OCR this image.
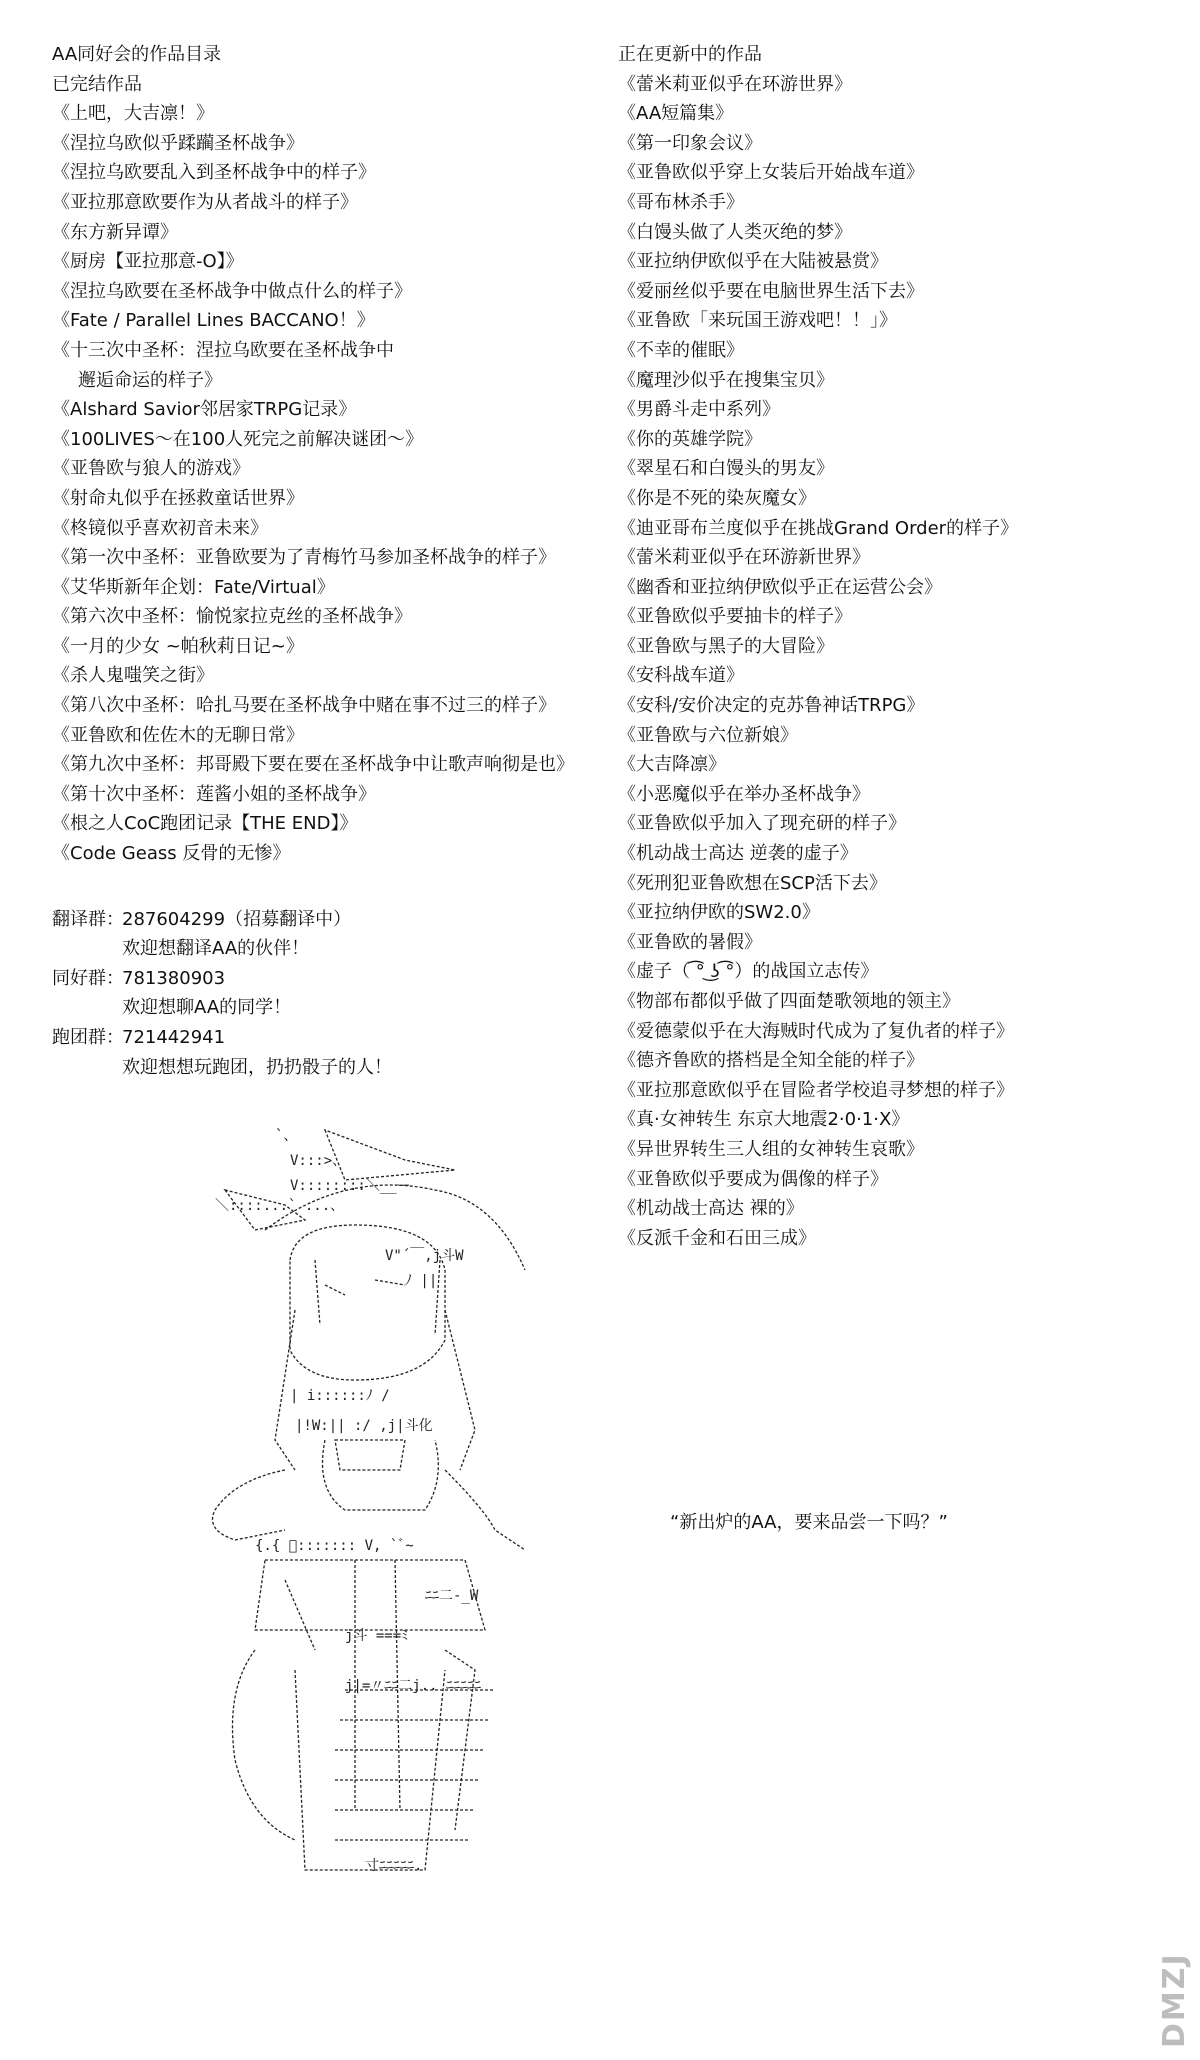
AA同好会的作品目录
已完结作品
《上吧，大吉凛！》
《涅拉乌欧似乎蹂躏圣杯战争》
《涅拉乌欧要乱入到圣杯战争中的样子》
《亚拉那意欧要作为从者战斗的样子》
《东方新异谭》
《厨房【亚拉那意-O】》
《涅拉乌欧要在圣杯战争中做点什么的样子》
《Fate / Parallel Lines BACCANO！》
《十三次中圣杯：涅拉乌欧要在圣杯战争中
邂逅命运的样子》
《Alshard Savior邻居家TRPG记录》
《100LIVES～在100人死完之前解决谜团～》
《亚鲁欧与狼人的游戏》
《射命丸似乎在拯救童话世界》
《柊镜似乎喜欢初音未来》
《第一次中圣杯：亚鲁欧要为了青梅竹马参加圣杯战争的样子》
《艾华斯新年企划：Fate/Virtual》
《第六次中圣杯：愉悦家拉克丝的圣杯战争》
《一月的少女 ~帕秋莉日记~》
《杀人鬼嗤笑之街》
《第八次中圣杯：哈扎马要在圣杯战争中赌在事不过三的样子》
《亚鲁欧和佐佐木的无聊日常》
《第九次中圣杯：邦哥殿下要在要在圣杯战争中让歌声响彻是也》
《第十次中圣杯：莲酱小姐的圣杯战争》
《根之人CoC跑团记录【THE END】》
《Code Geass 反骨的无惨》
翻译群：287604299（招募翻译中）
欢迎想翻译AA的伙伴！
同好群：781380903
欢迎想聊AA的同学！
跑团群：721442941
欢迎想想玩跑团，扔扔骰子的人！
正在更新中的作品
《蕾米莉亚似乎在环游世界》
《AA短篇集》
《第一印象会议》
《亚鲁欧似乎穿上女装后开始战车道》
《哥布林杀手》
《白馒头做了人类灭绝的梦》
《亚拉纳伊欧似乎在大陆被悬赏》
《爱丽丝似乎要在电脑世界生活下去》
《亚鲁欧「来玩国王游戏吧！！」》
《不幸的催眠》
《魔理沙似乎在搜集宝贝》
《男爵斗走中系列》
《你的英雄学院》
《翠星石和白馒头的男友》
《你是不死的染灰魔女》
《迪亚哥布兰度似乎在挑战Grand Order的样子》
《蕾米莉亚似乎在环游新世界》
《幽香和亚拉纳伊欧似乎正在运营公会》
《亚鲁欧似乎要抽卡的样子》
《亚鲁欧与黑子的大冒险》
《安科战车道》
《安科/安价决定的克苏鲁神话TRPG》
《亚鲁欧与六位新娘》
《大吉降凛》
《小恶魔似乎在举办圣杯战争》
《亚鲁欧似乎加入了现充研的样子》
《机动战士高达 逆袭的虚子》
《死刑犯亚鲁欧想在SCP活下去》
《亚拉纳伊欧的SW2.0》
《亚鲁欧的暑假》
《虚子（ ͡° ͜ʖ ͡°）的战国立志传》
《物部布都似乎做了四面楚歌领地的领主》
《爱德蒙似乎在大海贼时代成为了复仇者的样子》
《德齐鲁欧的搭档是全知全能的样子》
《亚拉那意欧似乎在冒险者学校追寻梦想的样子》
《真·女神转生 东京大地震2·0·1·X》
《异世界转生三人组的女神转生哀歌》
《亚鲁欧似乎要成为偶像的样子》
《机动战士高达 裸的》
《反派千金和石田三成》
`、
V:::>、
V::::::::＼__ー
＼::::...` ...、
V"´￣,j斗W
ﾉ ||
| i::::::ﾉ /
|!W:|| :/ ,j|斗化
{.{ ﾞ::::::: V, `ﾞ~
ﾆﾆ二-_W
j斗 ===ﾐ
j|=〃ﾆﾆ二j.. ﾆﾆﾆﾆﾆ
寸ﾆﾆﾆﾆﾆ.
“新出炉的AA，要来品尝一下吗？”
DMZJ
